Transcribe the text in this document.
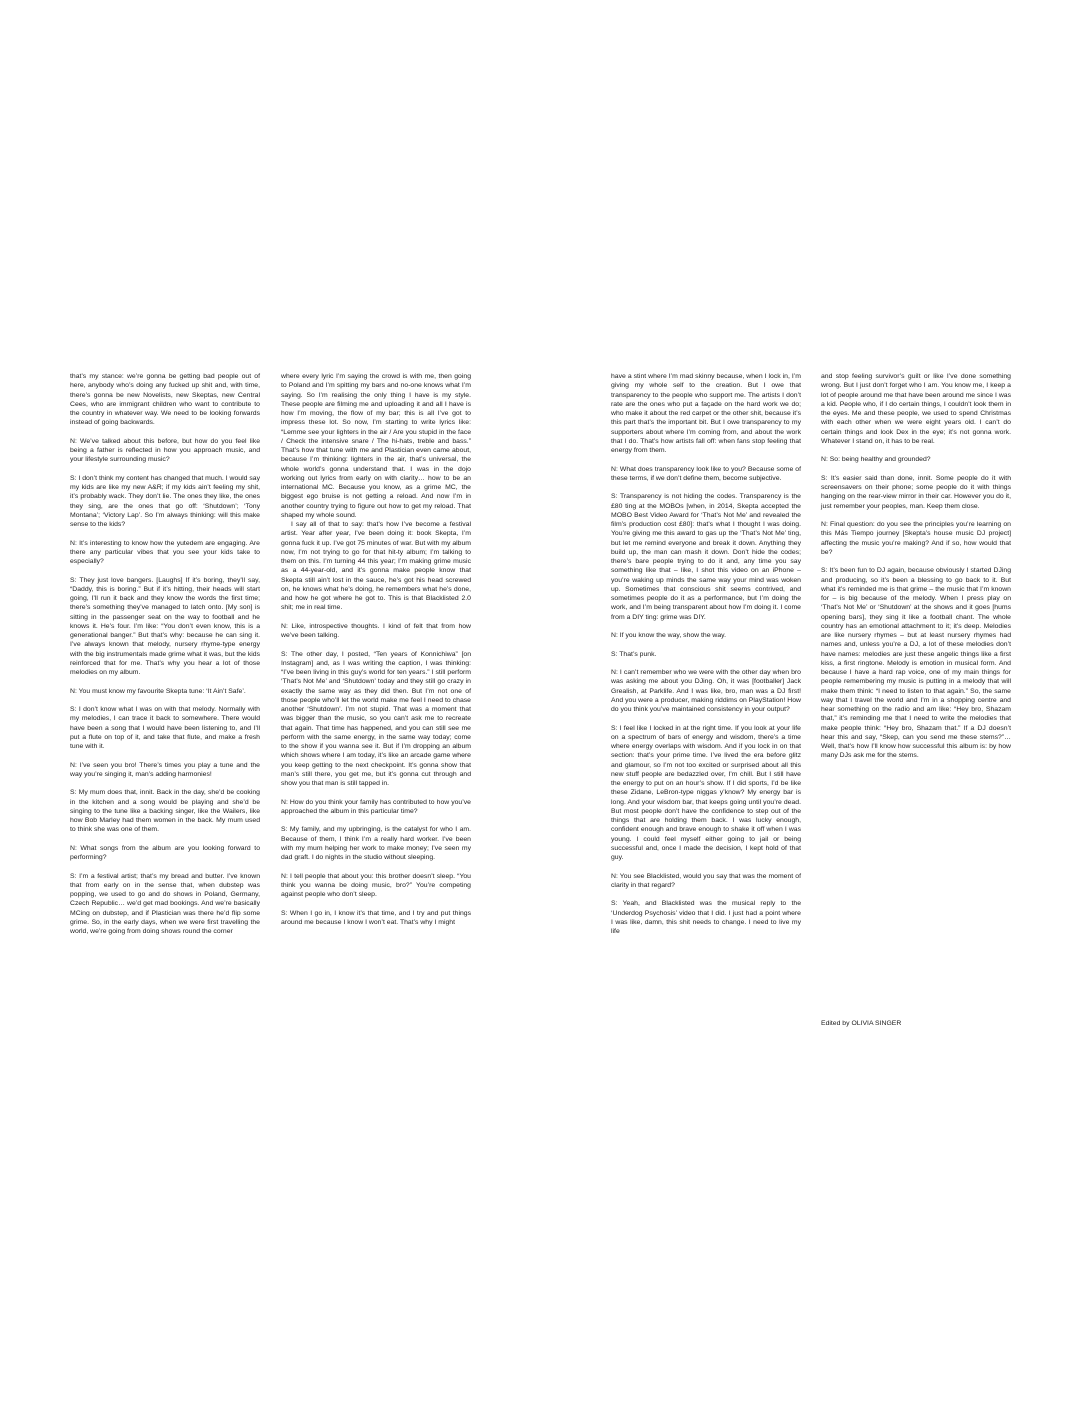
that’s my stance: we’re gonna be getting bad people out of here, anybody who’s doing any fucked up shit and, with time, there’s gonna be new Novelists, new Skeptas, new Central Cees, who are immigrant children who want to contribute to the country in whatever way. We need to be looking forwards instead of going backwards.

N: We’ve talked about this before, but how do you feel like being a father is reflected in how you approach music, and your lifestyle surrounding music?

S: I don’t think my content has changed that much. I would say my kids are like my new A&R; if my kids ain’t feeling my shit, it’s probably wack. They don’t lie. The ones they like, the ones they sing, are the ones that go off: ‘Shutdown’; ‘Tony Montana’; ‘Victory Lap’. So I’m always thinking: will this make sense to the kids?

N: It’s interesting to know how the yutedem are engaging. Are there any particular vibes that you see your kids take to especially?

S: They just love bangers. [Laughs] If it’s boring, they’ll say, “Daddy, this is boring.” But if it’s hitting, their heads will start going, I’ll run it back and they know the words the first time; there’s something they’ve managed to latch onto. [My son] is sitting in the passenger seat on the way to football and he knows it. He’s four. I’m like: “You don’t even know, this is a generational banger.” But that’s why: because he can sing it. I’ve always known that melody, nursery rhyme-type energy with the big instrumentals made grime what it was, but the kids reinforced that for me. That’s why you hear a lot of those melodies on my album.

N: You must know my favourite Skepta tune: ‘It Ain’t Safe’.

S: I don’t know what I was on with that melody. Normally with my melodies, I can trace it back to somewhere. There would have been a song that I would have been listening to, and I’ll put a flute on top of it, and take that flute, and make a fresh tune with it.

N: I’ve seen you bro! There’s times you play a tune and the way you’re singing it, man’s adding harmonies!

S: My mum does that, innit. Back in the day, she’d be cooking in the kitchen and a song would be playing and she’d be singing to the tune like a backing singer, like the Wailers, like how Bob Marley had them women in the back. My mum used to think she was one of them.

N: What songs from the album are you looking forward to performing?

S: I’m a festival artist; that’s my bread and butter. I’ve known that from early on in the sense that, when dubstep was popping, we used to go and do shows in Poland, Germany, Czech Republic… we’d get mad bookings. And we’re basically MCing on dubstep, and if Plastician was there he’d flip some grime. So, in the early days, when we were first travelling the world, we’re going from doing shows round the corner

where every lyric I’m saying the crowd is with me, then going to Poland and I’m spitting my bars and no-one knows what I’m saying. So I’m realising the only thing I have is my style. These people are filming me and uploading it and all I have is how I’m moving, the flow of my bar; this is all I’ve got to impress these lot. So now, I’m starting to write lyrics like: “Lemme see your lighters in the air / Are you stupid in the face / Check the intensive snare / The hi-hats, treble and bass.” That’s how that tune with me and Plastician even came about, because I’m thinking: lighters in the air, that’s universal, the whole world’s gonna understand that. I was in the dojo working out lyrics from early on with clarity… how to be an international MC. Because you know, as a grime MC, the biggest ego bruise is not getting a reload. And now I’m in another country trying to figure out how to get my reload. That shaped my whole sound.

I say all of that to say: that’s how I’ve become a festival artist. Year after year, I’ve been doing it: book Skepta, I’m gonna fuck it up. I’ve got 75 minutes of war. But with my album now, I’m not trying to go for that hit-ty album; I’m talking to them on this. I’m turning 44 this year; I’m making grime music as a 44-year-old, and it’s gonna make people know that Skepta still ain’t lost in the sauce, he’s got his head screwed on, he knows what he’s doing, he remembers what he’s done, and how he got where he got to. This is that Blacklisted 2.0 shit; me in real time.

N: Like, introspective thoughts. I kind of felt that from how we’ve been talking.

S: The other day, I posted, “Ten years of Konnichiwa” [on Instagram] and, as I was writing the caption, I was thinking: “I’ve been living in this guy’s world for ten years.” I still perform ‘That’s Not Me’ and ‘Shutdown’ today and they still go crazy in exactly the same way as they did then. But I’m not one of those people who’ll let the world make me feel I need to chase another ‘Shutdown’. I’m not stupid. That was a moment that was bigger than the music, so you can’t ask me to recreate that again. That time has happened, and you can still see me perform with the same energy, in the same way today; come to the show if you wanna see it. But if I’m dropping an album which shows where I am today, it’s like an arcade game where you keep getting to the next checkpoint. It’s gonna show that man’s still there, you get me, but it’s gonna cut through and show you that man is still tapped in.

N: How do you think your family has contributed to how you’ve approached the album in this particular time?

S: My family, and my upbringing, is the catalyst for who I am. Because of them, I think I’m a really hard worker. I’ve been with my mum helping her work to make money; I’ve seen my dad graft. I do nights in the studio without sleeping.

N: I tell people that about you: this brother doesn’t sleep. “You think you wanna be doing music, bro?” You’re competing against people who don’t sleep.

S: When I go in, I know it’s that time, and I try and put things around me because I know I won’t eat. That’s why I might

have a stint where I’m mad skinny because, when I lock in, I’m giving my whole self to the creation. But I owe that transparency to the people who support me. The artists I don’t rate are the ones who put a façade on the hard work we do; who make it about the red carpet or the other shit, because it’s this part that’s the important bit. But I owe transparency to my supporters about where I’m coming from, and about the work that I do. That’s how artists fall off: when fans stop feeling that energy from them.

N: What does transparency look like to you? Because some of these terms, if we don’t define them, become subjective.

S: Transparency is not hiding the codes. Transparency is the £80 ting at the MOBOs [when, in 2014, Skepta accepted the MOBO Best Video Award for ‘That’s Not Me’ and revealed the film’s production cost £80]: that’s what I thought I was doing. You’re giving me this award to gas up the ‘That’s Not Me’ ting, but let me remind everyone and break it down. Anything they build up, the man can mash it down. Don’t hide the codes; there’s bare people trying to do it and, any time you say something like that – like, I shot this video on an iPhone – you’re waking up minds the same way your mind was woken up. Sometimes that conscious shit seems contrived, and sometimes people do it as a performance, but I’m doing the work, and I’m being transparent about how I’m doing it. I come from a DIY ting: grime was DIY.

N: If you know the way, show the way.

S: That’s punk.

N: I can’t remember who we were with the other day when bro was asking me about you DJing. Oh, it was [footballer] Jack Grealish, at Parklife. And I was like, bro, man was a DJ first! And you were a producer, making riddims on PlayStation! How do you think you’ve maintained consistency in your output?

S: I feel like I locked in at the right time. If you look at your life on a spectrum of bars of energy and wisdom, there’s a time where energy overlaps with wisdom. And if you lock in on that section: that’s your prime time. I’ve lived the era before glitz and glamour, so I’m not too excited or surprised about all this new stuff people are bedazzled over, I’m chill. But I still have the energy to put on an hour’s show. If I did sports, I’d be like these Zidane, LeBron-type niggas y’know? My energy bar is long. And your wisdom bar, that keeps going until you’re dead. But most people don’t have the confidence to step out of the things that are holding them back. I was lucky enough, confident enough and brave enough to shake it off when I was young. I could feel myself either going to jail or being successful and, once I made the decision, I kept hold of that guy.

N: You see Blacklisted, would you say that was the moment of clarity in that regard?

S: Yeah, and Blacklisted was the musical reply to the ‘Underdog Psychosis’ video that I did. I just had a point where I was like, damn, this shit needs to change. I need to live my life

and stop feeling survivor’s guilt or like I’ve done something wrong. But I just don’t forget who I am. You know me, I keep a lot of people around me that have been around me since I was a kid. People who, if I do certain things, I couldn’t look them in the eyes. Me and these people, we used to spend Christmas with each other when we were eight years old. I can’t do certain things and look Dex in the eye; it’s not gonna work. Whatever I stand on, it has to be real.

N: So: being healthy and grounded?

S: It’s easier said than done, innit. Some people do it with screensavers on their phone; some people do it with things hanging on the rear-view mirror in their car. However you do it, just remember your peoples, man. Keep them close.

N: Final question: do you see the principles you’re learning on this Más Tiempo journey [Skepta’s house music DJ project] affecting the music you’re making? And if so, how would that be?

S: It’s been fun to DJ again, because obviously I started DJing and producing, so it’s been a blessing to go back to it. But what it’s reminded me is that grime – the music that I’m known for – is big because of the melody. When I press play on ‘That’s Not Me’ or ‘Shutdown’ at the shows and it goes [hums opening bars], they sing it like a football chant. The whole country has an emotional attachment to it; it’s deep. Melodies are like nursery rhymes – but at least nursery rhymes had names and, unless you’re a DJ, a lot of these melodies don’t have names: melodies are just these angelic things like a first kiss, a first ringtone. Melody is emotion in musical form. And because I have a hard rap voice, one of my main things for people remembering my music is putting in a melody that will make them think: “I need to listen to that again.” So, the same way that I travel the world and I’m in a shopping centre and hear something on the radio and am like: “Hey bro, Shazam that,” it’s reminding me that I need to write the melodies that make people think: “Hey bro, Shazam that.” If a DJ doesn’t hear this and say, “Skep, can you send me these stems?”… Well, that’s how I’ll know how successful this album is: by how many DJs ask me for the stems.

Edited by OLIVIA SINGER
